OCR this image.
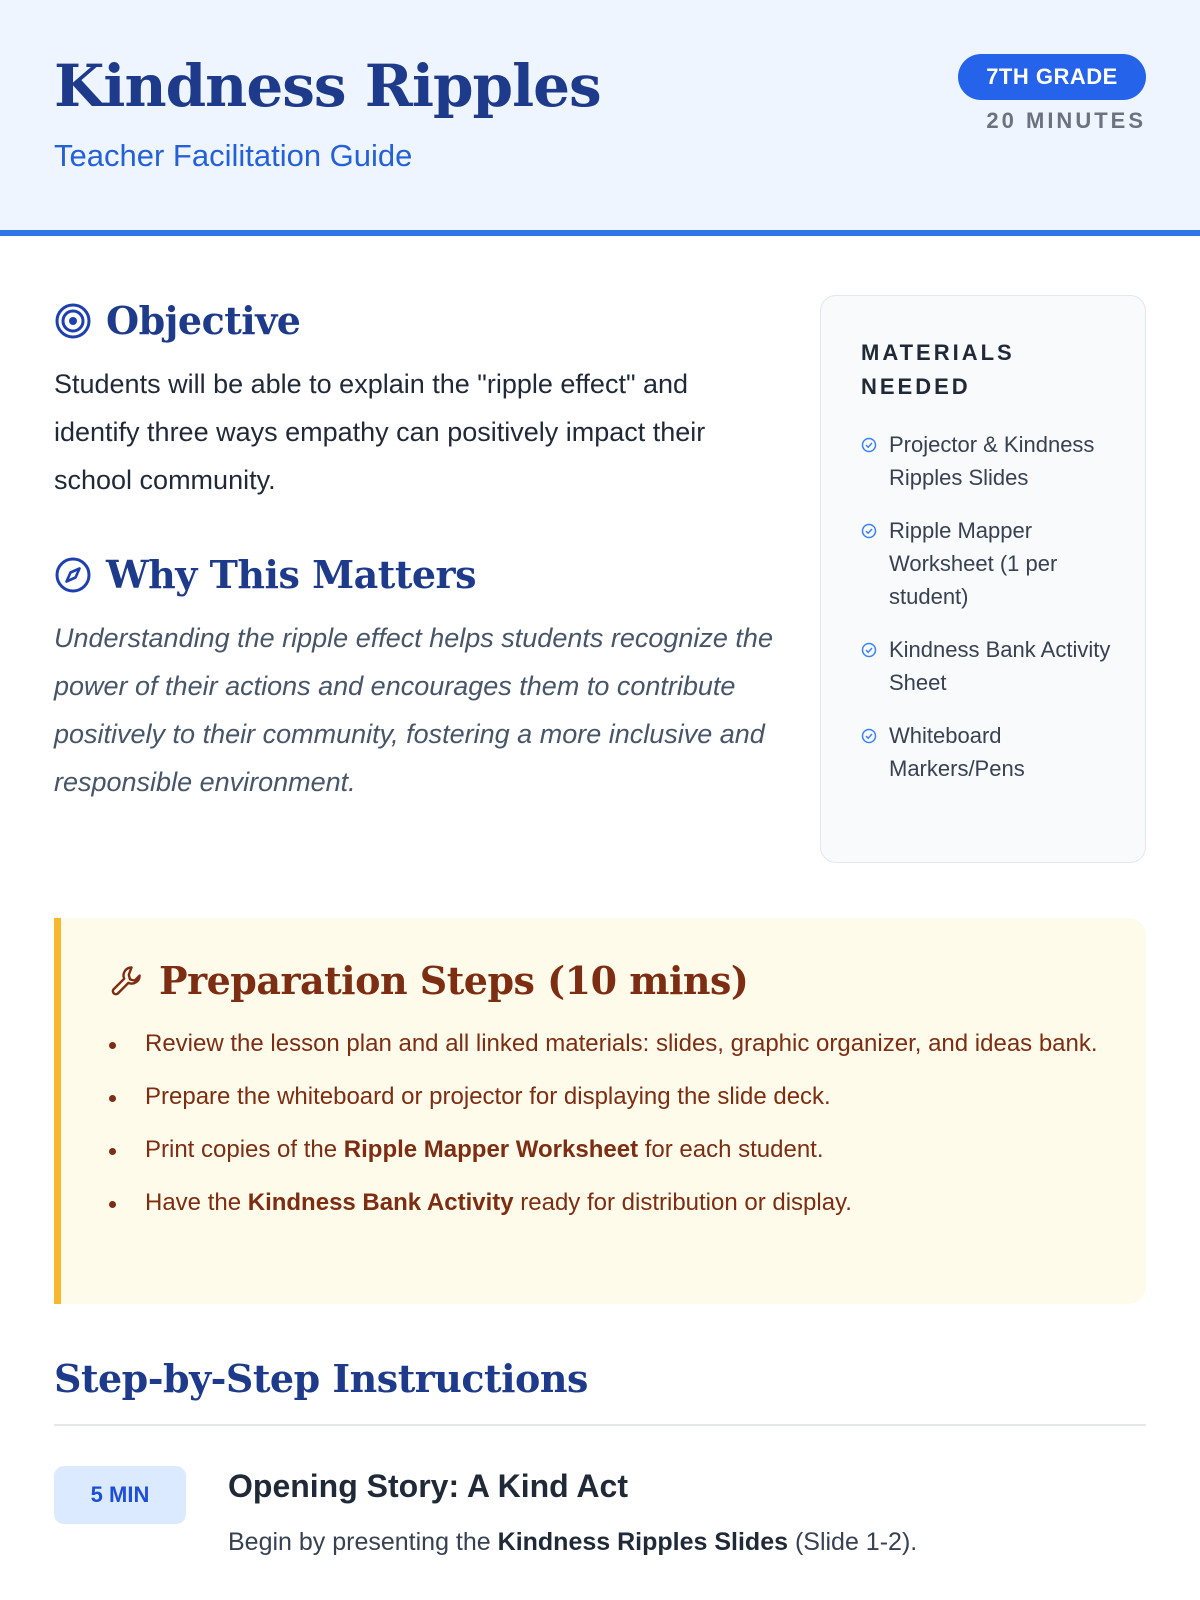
Kindness Ripples
Teacher Facilitation Guide
7TH GRADE
20 MINUTES
Objective
Students will be able to explain the "ripple effect" and identify three ways empathy can positively impact their school community.
Why This Matters
Understanding the ripple effect helps students recognize the power of their actions and encourages them to contribute positively to their community, fostering a more inclusive and responsible environment.
MATERIALS NEEDED
Projector & Kindness Ripples Slides
Ripple Mapper Worksheet (1 per student)
Kindness Bank Activity Sheet
Whiteboard Markers/Pens
Preparation Steps (10 mins)
Review the lesson plan and all linked materials: slides, graphic organizer, and ideas bank.
Prepare the whiteboard or projector for displaying the slide deck.
Print copies of the Ripple Mapper Worksheet for each student.
Have the Kindness Bank Activity ready for distribution or display.
Step-by-Step Instructions
5 MIN	Opening Story: A Kind Act
Begin by presenting the Kindness Ripples Slides (Slide 1-2).
